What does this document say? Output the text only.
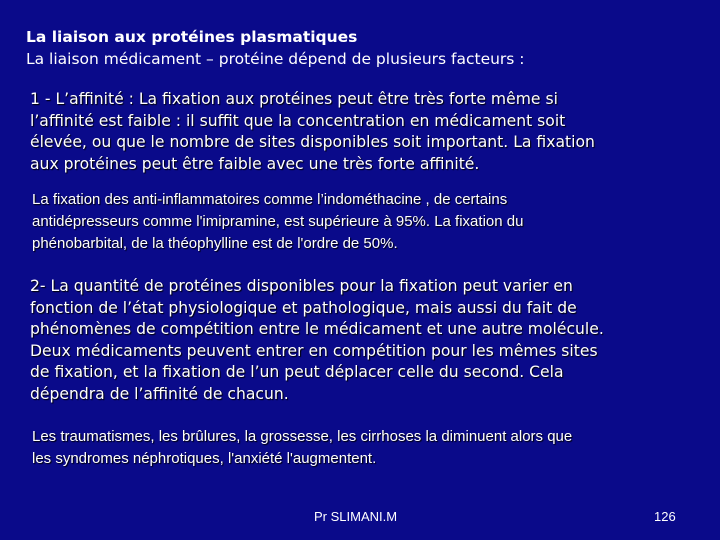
La liaison aux protéines plasmatiques
La liaison médicament – protéine dépend de plusieurs facteurs :
1 - L’affinité : La fixation aux protéines peut être très forte même si
l’affinité est faible : il suffit que la concentration en médicament soit
élevée, ou que le nombre de sites disponibles soit important. La fixation
aux protéines peut être faible avec une très forte affinité.
La fixation des anti-inflammatoires comme l’indométhacine , de certains
antidépresseurs comme l'imipramine, est supérieure à 95%. La fixation du
phénobarbital, de la théophylline est de l'ordre de 50%.
2- La quantité de protéines disponibles pour la fixation peut varier en
fonction de l’état physiologique et pathologique, mais aussi du fait de
phénomènes de compétition entre le médicament et une autre molécule.
Deux médicaments peuvent entrer en compétition pour les mêmes sites
de fixation, et la fixation de l’un peut déplacer celle du second. Cela
dépendra de l’affinité de chacun.
Les traumatismes, les brûlures, la grossesse, les cirrhoses la diminuent alors que
les syndromes néphrotiques, l'anxiété l'augmentent.
Pr SLIMANI.M	126
